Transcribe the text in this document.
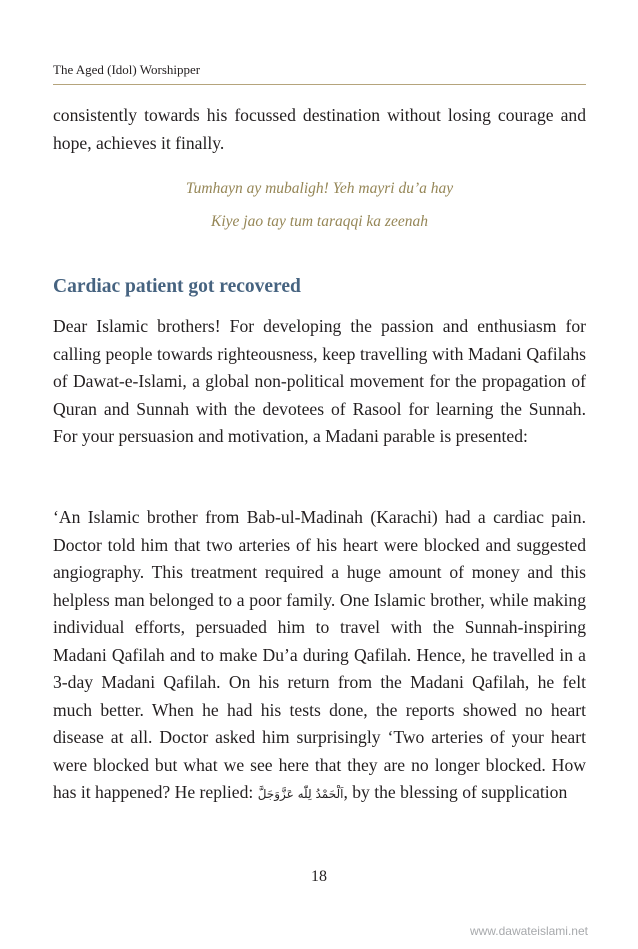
The Aged (Idol) Worshipper

consistently towards his focussed destination without losing courage and hope, achieves it finally.

Tumhayn ay mubaligh! Yeh mayri du’a hay

Kiye jao tay tum taraqqi ka zeenah

Cardiac patient got recovered

Dear Islamic brothers! For developing the passion and enthusiasm for calling people towards righteousness, keep travelling with Madani Qafilahs of Dawat-e-Islami, a global non-political movement for the propagation of Quran and Sunnah with the devotees of Rasool for learning the Sunnah. For your persuasion and motivation, a Madani parable is presented:

‘An Islamic brother from Bab-ul-Madinah (Karachi) had a cardiac pain. Doctor told him that two arteries of his heart were blocked and suggested angiography. This treatment required a huge amount of money and this helpless man belonged to a poor family. One Islamic brother, while making individual efforts, persuaded him to travel with the Sunnah-inspiring Madani Qafilah and to make Du’a during Qafilah. Hence, he travelled in a 3-day Madani Qafilah. On his return from the Madani Qafilah, he felt much better. When he had his tests done, the reports showed no heart disease at all. Doctor asked him surprisingly ‘Two arteries of your heart were blocked but what we see here that they are no longer blocked. How has it happened? He replied: اَلْحَمْدُ لِلّٰه عَزَّوَجَلَّ, by the blessing of supplication

18

www.dawateislami.net
